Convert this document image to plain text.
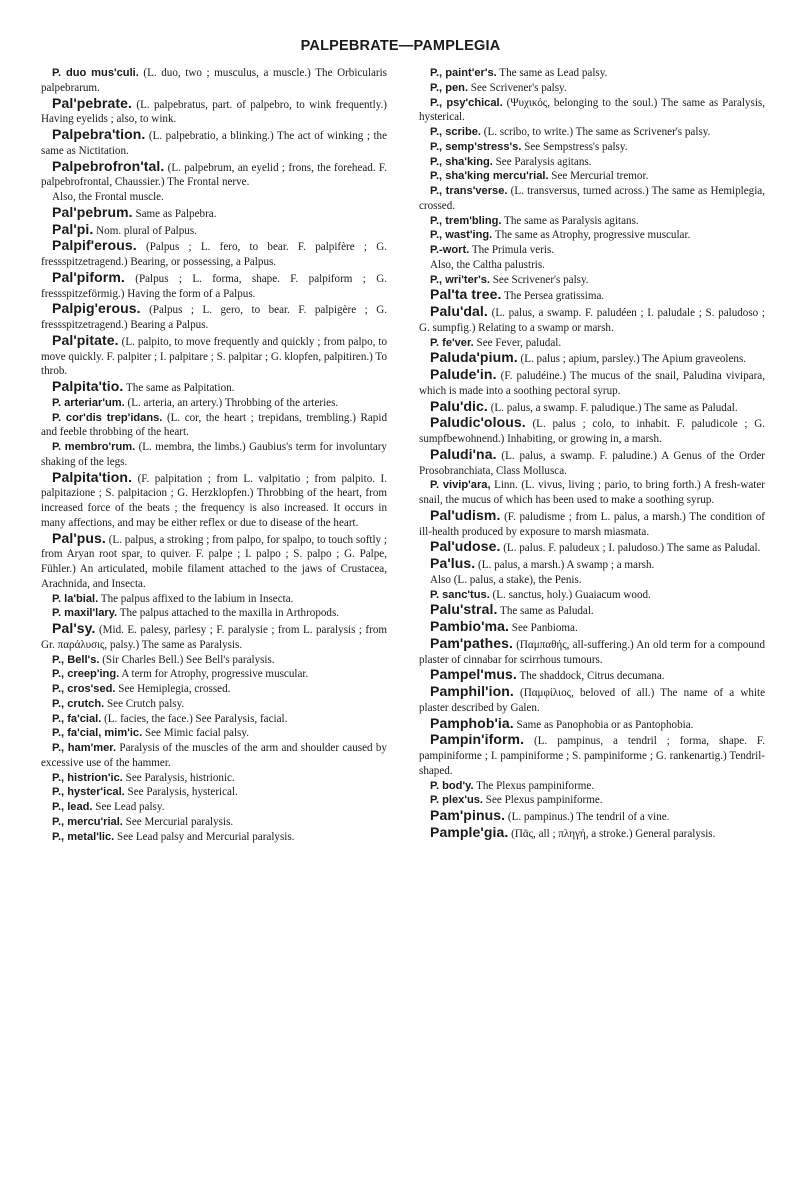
PALPEBRATE—PAMPLEGIA

P. duo mus'culi. (L. duo, two ; musculus, a muscle.) The Orbicularis palpebrarum.

Pal'pebrate. (L. palpebratus, part. of palpebro, to wink frequently.) Having eyelids ; also, to wink.

Palpebra'tion. (L. palpebratio, a blinking.) The act of winking ; the same as Nictitation.

Palpebrofron'tal. (L. palpebrum, an eyelid ; frons, the forehead. F. palpebrofrontal, Chaussier.) The Frontal nerve.

Also, the Frontal muscle.

Pal'pebrum. Same as Palpebra.

Pal'pi. Nom. plural of Palpus.

Palpif'erous. (Palpus ; L. fero, to bear. F. palpifère ; G. fressspitzetragend.) Bearing, or possessing, a Palpus.

Pal'piform. (Palpus ; L. forma, shape. F. palpiform ; G. fressspitzeförmig.) Having the form of a Palpus.

Palpig'erous. (Palpus ; L. gero, to bear. F. palpigère ; G. fressspitzetragend.) Bearing a Palpus.

Pal'pitate. (L. palpito, to move frequently and quickly ; from palpo, to move quickly. F. palpiter ; I. palpitare ; S. palpitar ; G. klopfen, palpitiren.) To throb.

Palpita'tio. The same as Palpitation.

P. arteriar'um. (L. arteria, an artery.) Throbbing of the arteries.

P. cor'dis trep'idans. (L. cor, the heart ; trepidans, trembling.) Rapid and feeble throbbing of the heart.

P. membro'rum. (L. membra, the limbs.) Gaubius's term for involuntary shaking of the legs.

Palpita'tion. (F. palpitation ; from L. valpitatio ; from palpito. I. palpitazione ; S. palpitacion ; G. Herzklopfen.) Throbbing of the heart, from increased force of the beats ; the frequency is also increased. It occurs in many affections, and may be either reflex or due to disease of the heart.

Pal'pus. (L. palpus, a stroking ; from palpo, for spalpo, to touch softly ; from Aryan root spar, to quiver. F. palpe ; I. palpo ; S. palpo ; G. Palpe, Fühler.) An articulated, mobile filament attached to the jaws of Crustacea, Arachnida, and Insecta.

P. la'bial. The palpus affixed to the labium in Insecta.

P. maxil'lary. The palpus attached to the maxilla in Arthropods.

Pal'sy. (Mid. E. palesy, parlesy ; F. paralysie ; from L. paralysis ; from Gr. παράλυσις, palsy.) The same as Paralysis.

P., Bell's. (Sir Charles Bell.) See Bell's paralysis.

P., creep'ing. A term for Atrophy, progressive muscular.

P., cros'sed. See Hemiplegia, crossed.

P., crutch. See Crutch palsy.

P., fa'cial. (L. facies, the face.) See Paralysis, facial.

P., fa'cial, mim'ic. See Mimic facial palsy.

P., ham'mer. Paralysis of the muscles of the arm and shoulder caused by excessive use of the hammer.

P., histrion'ic. See Paralysis, histrionic.

P., hyster'ical. See Paralysis, hysterical.

P., lead. See Lead palsy.

P., mercu'rial. See Mercurial paralysis.

P., metal'lic. See Lead palsy and Mercurial paralysis.

P., paint'er's. The same as Lead palsy.

P., pen. See Scrivener's palsy.

P., psy'chical. (Ψυχικός, belonging to the soul.) The same as Paralysis, hysterical.

P., scribe. (L. scribo, to write.) The same as Scrivener's palsy.

P., semp'stress's. See Sempstress's palsy.

P., sha'king. See Paralysis agitans.

P., sha'king mercu'rial. See Mercurial tremor.

P., trans'verse. (L. transversus, turned across.) The same as Hemiplegia, crossed.

P., trem'bling. The same as Paralysis agitans.

P., wast'ing. The same as Atrophy, progressive muscular.

P.-wort. The Primula veris.

Also, the Caltha palustris.

P., wri'ter's. See Scrivener's palsy.

Pal'ta tree. The Persea gratissima.

Palu'dal. (L. palus, a swamp. F. paludéen ; I. paludale ; S. paludoso ; G. sumpfig.) Relating to a swamp or marsh.

P. fe'ver. See Fever, paludal.

Paluda'pium. (L. palus ; apium, parsley.) The Apium graveolens.

Palude'in. (F. paludéine.) The mucus of the snail, Paludina vivipara, which is made into a soothing pectoral syrup.

Palu'dic. (L. palus, a swamp. F. paludique.) The same as Paludal.

Paludic'olous. (L. palus ; colo, to inhabit. F. paludicole ; G. sumpfbewohnend.) Inhabiting, or growing in, a marsh.

Paludi'na. (L. palus, a swamp. F. paludine.) A Genus of the Order Prosobranchiata, Class Mollusca.

P. vivip'ara, Linn. (L. vivus, living ; pario, to bring forth.) A fresh-water snail, the mucus of which has been used to make a soothing syrup.

Pal'udism. (F. paludisme ; from L. palus, a marsh.) The condition of ill-health produced by exposure to marsh miasmata.

Pal'udose. (L. palus. F. paludeux ; I. paludoso.) The same as Paludal.

Pa'lus. (L. palus, a marsh.) A swamp ; a marsh.

Also (L. palus, a stake), the Penis.

P. sanc'tus. (L. sanctus, holy.) Guaiacum wood.

Palu'stral. The same as Paludal.

Pambio'ma. See Panbioma.

Pam'pathes. (Παμπαθής, all-suffering.) An old term for a compound plaster of cinnabar for scirrhous tumours.

Pampel'mus. The shaddock, Citrus decumana.

Pamphil'ion. (Παμφίλιος, beloved of all.) The name of a white plaster described by Galen.

Pamphob'ia. Same as Panophobia or as Pantophobia.

Pampin'iform. (L. pampinus, a tendril ; forma, shape. F. pampiniforme ; I. pampiniforme ; S. pampiniforme ; G. rankenartig.) Tendril-shaped.

P. bod'y. The Plexus pampiniforme.

P. plex'us. See Plexus pampiniforme.

Pam'pinus. (L. pampinus.) The tendril of a vine.

Pample'gia. (Πᾶς, all ; πληγή, a stroke.) General paralysis.
